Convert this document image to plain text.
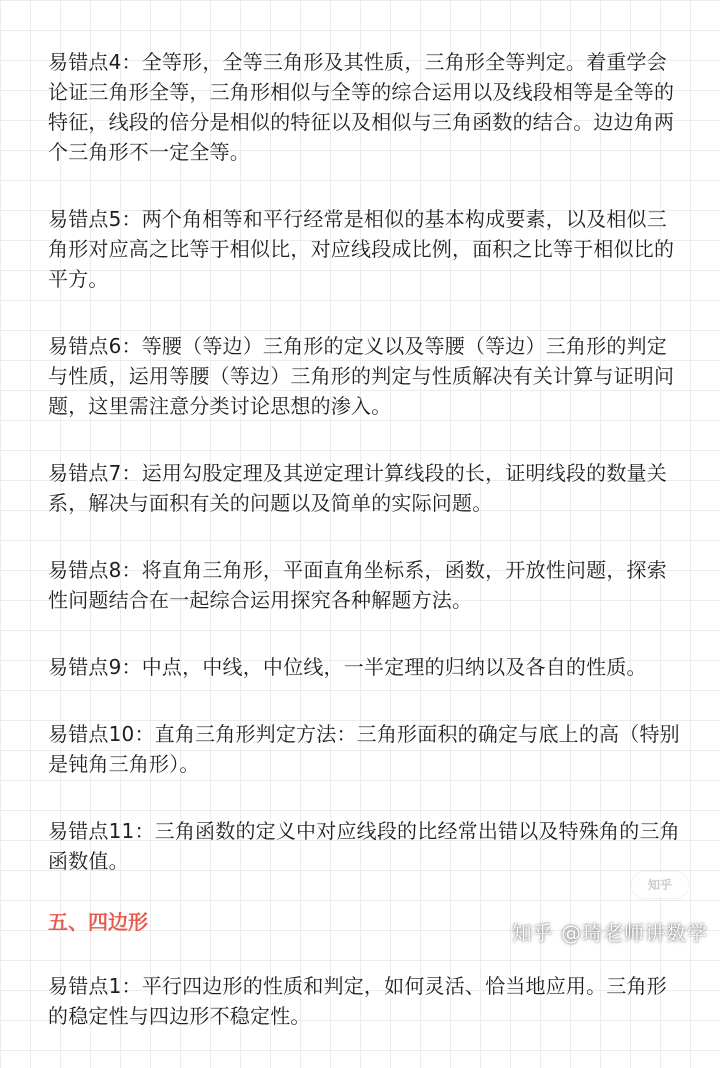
易错点4：全等形，全等三角形及其性质，三角形全等判定。着重学会论证三角形全等，三角形相似与全等的综合运用以及线段相等是全等的特征，线段的倍分是相似的特征以及相似与三角函数的结合。边边角两个三角形不一定全等。

易错点5：两个角相等和平行经常是相似的基本构成要素，以及相似三角形对应高之比等于相似比，对应线段成比例，面积之比等于相似比的平方。

易错点6：等腰（等边）三角形的定义以及等腰（等边）三角形的判定与性质，运用等腰（等边）三角形的判定与性质解决有关计算与证明问题，这里需注意分类讨论思想的渗入。

易错点7：运用勾股定理及其逆定理计算线段的长，证明线段的数量关系，解决与面积有关的问题以及简单的实际问题。

易错点8：将直角三角形，平面直角坐标系，函数，开放性问题，探索性问题结合在一起综合运用探究各种解题方法。

易错点9：中点，中线，中位线，一半定理的归纳以及各自的性质。

易错点10：直角三角形判定方法：三角形面积的确定与底上的高（特别是钝角三角形）。

易错点11：三角函数的定义中对应线段的比经常出错以及特殊角的三角函数值。

五、四边形

易错点1：平行四边形的性质和判定，如何灵活、恰当地应用。三角形的稳定性与四边形不稳定性。

知乎
知乎 @琦老师讲数学
